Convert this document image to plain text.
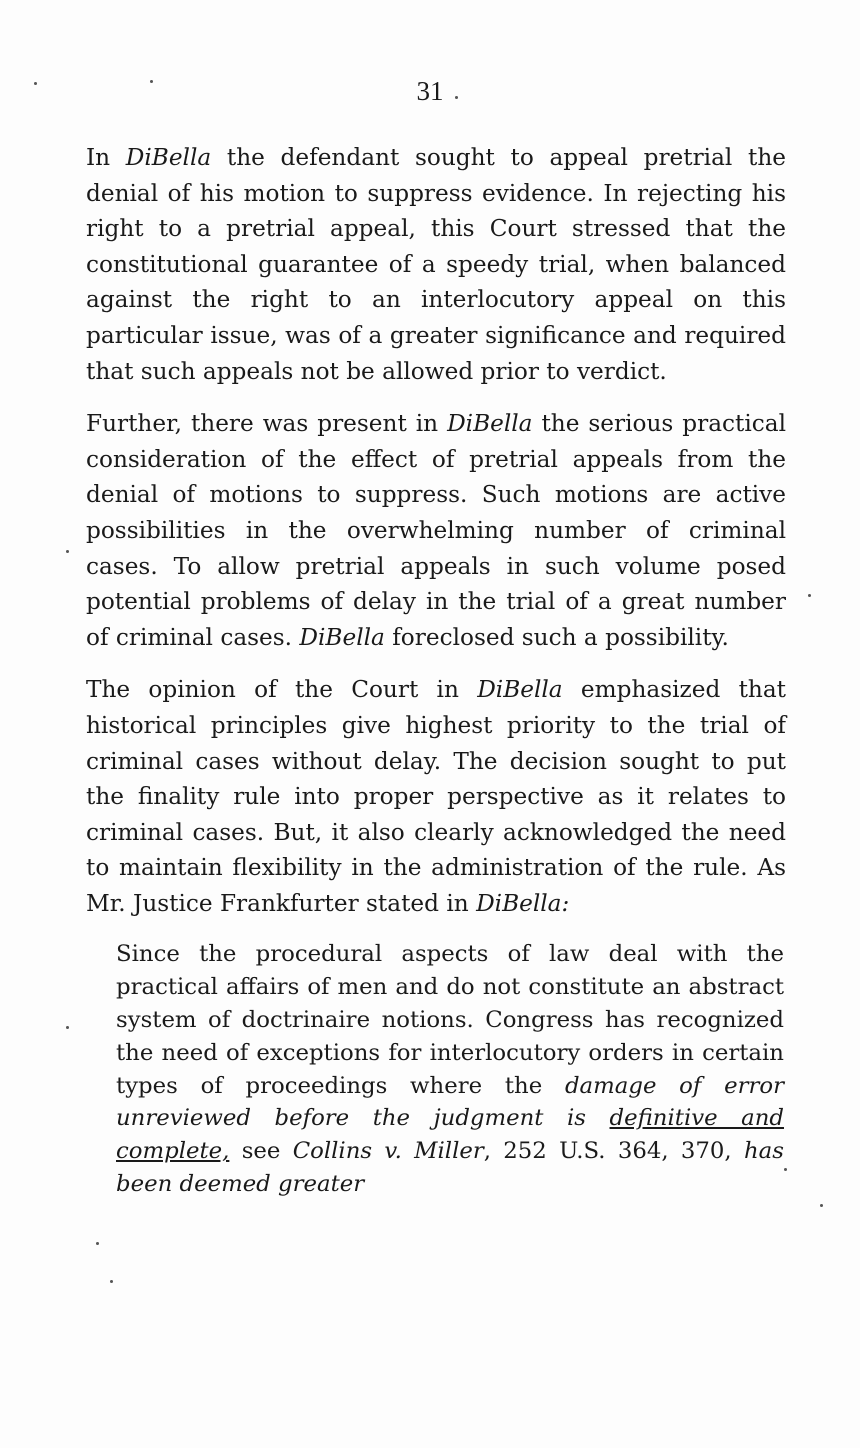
31

In DiBella the defendant sought to appeal pretrial the denial of his motion to suppress evidence. In rejecting his right to a pretrial appeal, this Court stressed that the constitutional guarantee of a speedy trial, when balanced against the right to an interlocutory appeal on this particular issue, was of a greater significance and required that such appeals not be allowed prior to verdict.

Further, there was present in DiBella the serious practical consideration of the effect of pretrial appeals from the denial of motions to suppress. Such motions are active possibilities in the overwhelming number of criminal cases. To allow pretrial appeals in such volume posed potential problems of delay in the trial of a great number of criminal cases. DiBella foreclosed such a possibility.

The opinion of the Court in DiBella emphasized that historical principles give highest priority to the trial of criminal cases without delay. The decision sought to put the finality rule into proper perspective as it relates to criminal cases. But, it also clearly acknowledged the need to maintain flexibility in the administration of the rule. As Mr. Justice Frankfurter stated in DiBella:

Since the procedural aspects of law deal with the practical affairs of men and do not constitute an abstract system of doctrinaire notions. Congress has recognized the need of exceptions for interlocutory orders in certain types of proceedings where the damage of error unreviewed before the judgment is definitive and complete, see Collins v. Miller, 252 U.S. 364, 370, has been deemed greater
